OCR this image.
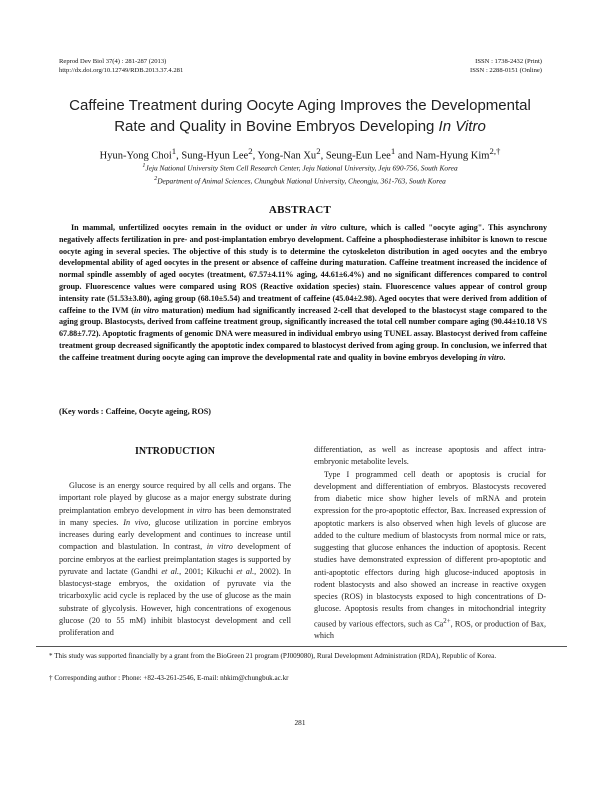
Reprod Dev Biol 37(4) : 281-287 (2013)
http://dx.doi.org/10.12749/RDB.2013.37.4.281
ISSN : 1738-2432 (Print)
ISSN : 2288-0151 (Online)
Caffeine Treatment during Oocyte Aging Improves the Developmental
Rate and Quality in Bovine Embryos Developing In Vitro
Hyun-Yong Choi$^1$, Sung-Hyun Lee$^2$, Yong-Nan Xu$^2$, Seung-Eun Lee$^1$ and Nam-Hyung Kim$^{2,\dagger}$
$^1$Jeju National University Stem Cell Research Center, Jeju National University, Jeju 690-756, South Korea
$^2$Department of Animal Sciences, Chungbuk National University, Cheongju, 361-763, South Korea
ABSTRACT
In mammal, unfertilized oocytes remain in the oviduct or under in vitro culture, which is called "oocyte aging". This asynchrony negatively affects fertilization in pre- and post-implantation embryo development. Caffeine a phosphodiesterase inhibitor is known to rescue oocyte aging in several species. The objective of this study is to determine the cytoskeleton distribution in aged oocytes and the embryo developmental ability of aged oocytes in the present or absence of caffeine during maturation. Caffeine treatment increased the incidence of normal spindle assembly of aged oocytes (treatment, 67.57±4.11% aging, 44.61±6.4%) and no significant differences compared to control group. Fluorescence values were compared using ROS (Reactive oxidation species) stain. Fluorescence values appear of control group intensity rate (51.53±3.80), aging group (68.10±5.54) and treatment of caffeine (45.04±2.98). Aged oocytes that were derived from addition of caffeine to the IVM (in vitro maturation) medium had significantly increased 2-cell that developed to the blastocyst stage compared to the aging group. Blastocysts, derived from caffeine treatment group, significantly increased the total cell number compare aging (90.44±10.18 VS 67.88±7.72). Apoptotic fragments of genomic DNA were measured in individual embryo using TUNEL assay. Blastocyst derived from caffeine treatment group decreased significantly the apoptotic index compared to blastocyst derived from aging group. In conclusion, we inferred that the caffeine treatment during oocyte aging can improve the developmental rate and quality in bovine embryos developing in vitro.
(Key words : Caffeine, Oocyte ageing, ROS)
INTRODUCTION
Glucose is an energy source required by all cells and organs. The important role played by glucose as a major energy substrate during preimplantation embryo development in vitro has been demonstrated in many species. In vivo, glucose utilization in porcine embryos increases during early development and continues to increase until compaction and blastulation. In contrast, in vitro development of porcine embryos at the earliest preimplantation stages is supported by pyruvate and lactate (Gandhi et al., 2001; Kikuchi et al., 2002). In blastocyst-stage embryos, the oxidation of pyruvate via the tricarboxylic acid cycle is replaced by the use of glucose as the main substrate of glycolysis. However, high concentrations of exogenous glucose (20 to 55 mM) inhibit blastocyst development and cell proliferation and

differentiation, as well as increase apoptosis and affect intra-embryonic metabolite levels.

Type I programmed cell death or apoptosis is crucial for development and differentiation of embryos. Blastocysts recovered from diabetic mice show higher levels of mRNA and protein expression for the pro-apoptotic effector, Bax. Increased expression of apoptotic markers is also observed when high levels of glucose are added to the culture medium of blastocysts from normal mice or rats, suggesting that glucose enhances the induction of apoptosis. Recent studies have demonstrated expression of different pro-apoptotic and anti-apoptotic effectors during high glucose-induced apoptosis in rodent blastocysts and also showed an increase in reactive oxygen species (ROS) in blastocysts exposed to high concentrations of D-glucose. Apoptosis results from changes in mitochondrial integrity caused by various effectors, such as $Ca^{2+}$, ROS, or production of Bax, which

* This study was supported financially by a grant from the BioGreen 21 program (PJ009080), Rural Development Administration (RDA), Republic of Korea.
† Corresponding author : Phone: +82-43-261-2546, E-mail: nhkim@chungbuk.ac.kr
281
